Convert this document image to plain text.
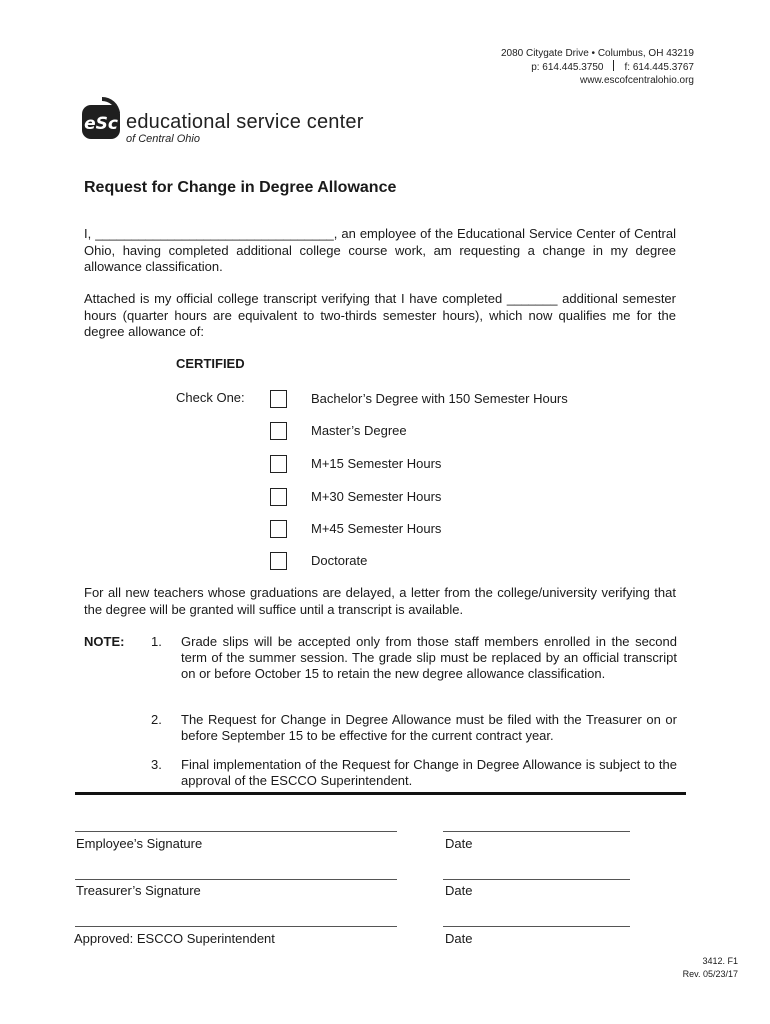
2080 Citygate Drive • Columbus, OH 43219
p: 614.445.3750 f: 614.445.3767
www.escofcentralohio.org
eSc educational service center
of Central Ohio
Request for Change in Degree Allowance
I, _________________________________, an employee of the Educational Service Center of Central Ohio, having completed additional college course work, am requesting a change in my degree allowance classification.
Attached is my official college transcript verifying that I have completed _______ additional semester hours (quarter hours are equivalent to two-thirds semester hours), which now qualifies me for the degree allowance of:
CERTIFIED
Check One:	Bachelor’s Degree with 150 Semester Hours
Master’s Degree
M+15 Semester Hours
M+30 Semester Hours
M+45 Semester Hours
Doctorate
For all new teachers whose graduations are delayed, a letter from the college/university verifying that the degree will be granted will suffice until a transcript is available.
NOTE: 1. Grade slips will be accepted only from those staff members enrolled in the second term of the summer session. The grade slip must be replaced by an official transcript on or before October 15 to retain the new degree allowance classification.
2. The Request for Change in Degree Allowance must be filed with the Treasurer on or before September 15 to be effective for the current contract year.
3. Final implementation of the Request for Change in Degree Allowance is subject to the approval of the ESCCO Superintendent.
Employee’s Signature	Date
Treasurer’s Signature	Date
Approved: ESCCO Superintendent	Date
3412. F1
Rev. 05/23/17
